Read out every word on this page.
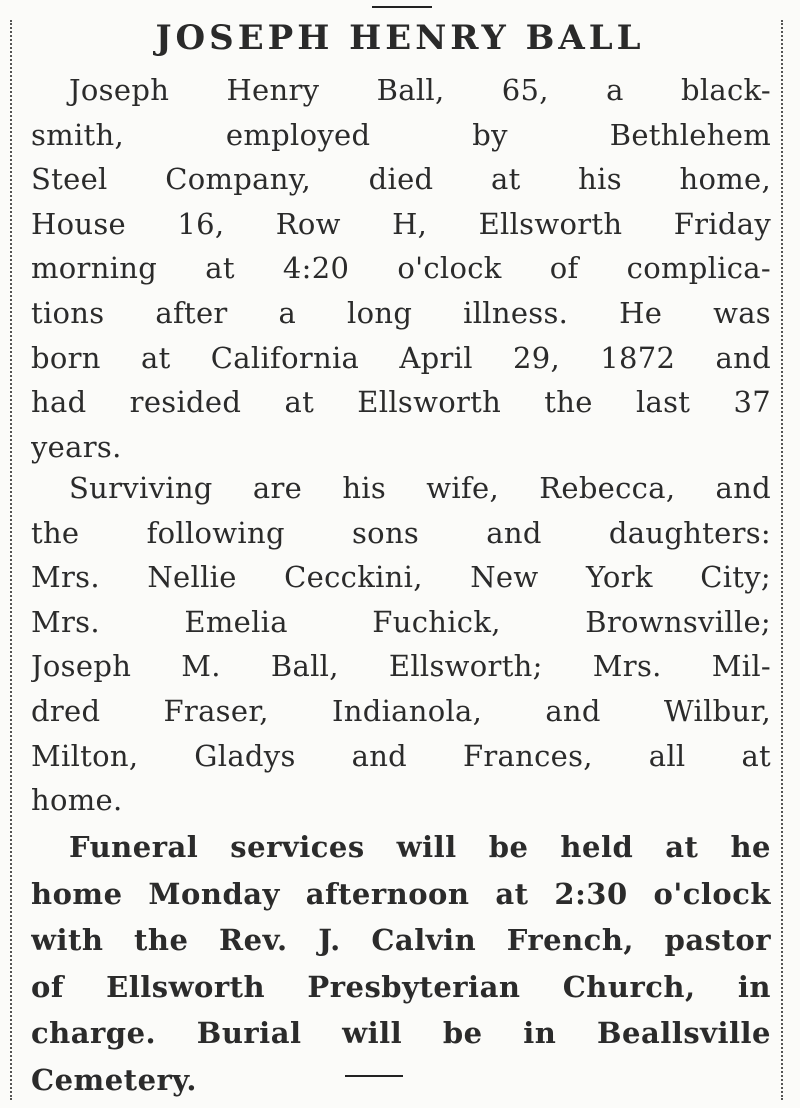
JOSEPH HENRY BALL
Joseph Henry Ball, 65, a black-
smith, employed by Bethlehem
Steel Company, died at his home,
House 16, Row H, Ellsworth Friday
morning at 4:20 o'clock of complica-
tions after a long illness. He was
born at California April 29, 1872 and
had resided at Ellsworth the last 37
years.
Surviving are his wife, Rebecca, and
the following sons and daughters:
Mrs. Nellie Cecckini, New York City;
Mrs. Emelia Fuchick, Brownsville;
Joseph M. Ball, Ellsworth; Mrs. Mil-
dred Fraser, Indianola, and Wilbur,
Milton, Gladys and Frances, all at
home.
Funeral services will be held at he
home Monday afternoon at 2:30 o'clock
with the Rev. J. Calvin French, pastor
of Ellsworth Presbyterian Church, in
charge. Burial will be in Beallsville
Cemetery.
